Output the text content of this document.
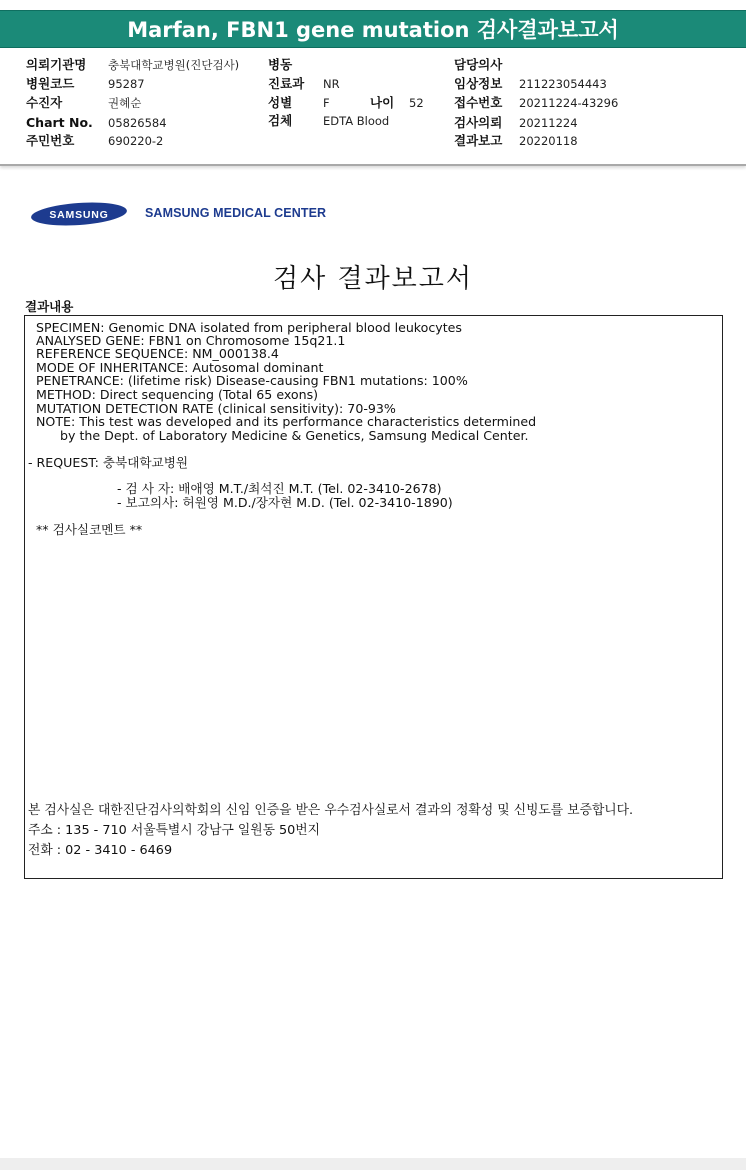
Marfan, FBN1 gene mutation 검사결과보고서
의뢰기관명 충북대학교병원(진단검사)
병원코드	95287
수진자	권혜순
Chart No. 05826584
주민번호	690220-2
병동
진료과 NR
성별	F	나이 52
검체	EDTA Blood
담당의사
임상정보 211223054443
접수번호 20211224-43296
검사의뢰 20211224
결과보고 20220118
SAMSUNG	SAMSUNG MEDICAL CENTER
검사 결과보고서
결과내용
SPECIMEN: Genomic DNA isolated from peripheral blood leukocytes
ANALYSED GENE: FBN1 on Chromosome 15q21.1
REFERENCE SEQUENCE: NM_000138.4
MODE OF INHERITANCE: Autosomal dominant
PENETRANCE: (lifetime risk) Disease-causing FBN1 mutations: 100%
METHOD: Direct sequencing (Total 65 exons)
MUTATION DETECTION RATE (clinical sensitivity): 70-93%
NOTE: This test was developed and its performance characteristics determined
by the Dept. of Laboratory Medicine & Genetics, Samsung Medical Center.
- REQUEST: 충북대학교병원
- 검 사 자: 배애영 M.T./최석진 M.T. (Tel. 02-3410-2678)
- 보고의사: 허원영 M.D./장자현 M.D. (Tel. 02-3410-1890)
** 검사실코멘트 **
본 검사실은 대한진단검사의학회의 신임 인증을 받은 우수검사실로서 결과의 정확성 및 신빙도를 보증합니다.
주소 : 135 - 710 서울특별시 강남구 일원동 50번지
전화 : 02 - 3410 - 6469
